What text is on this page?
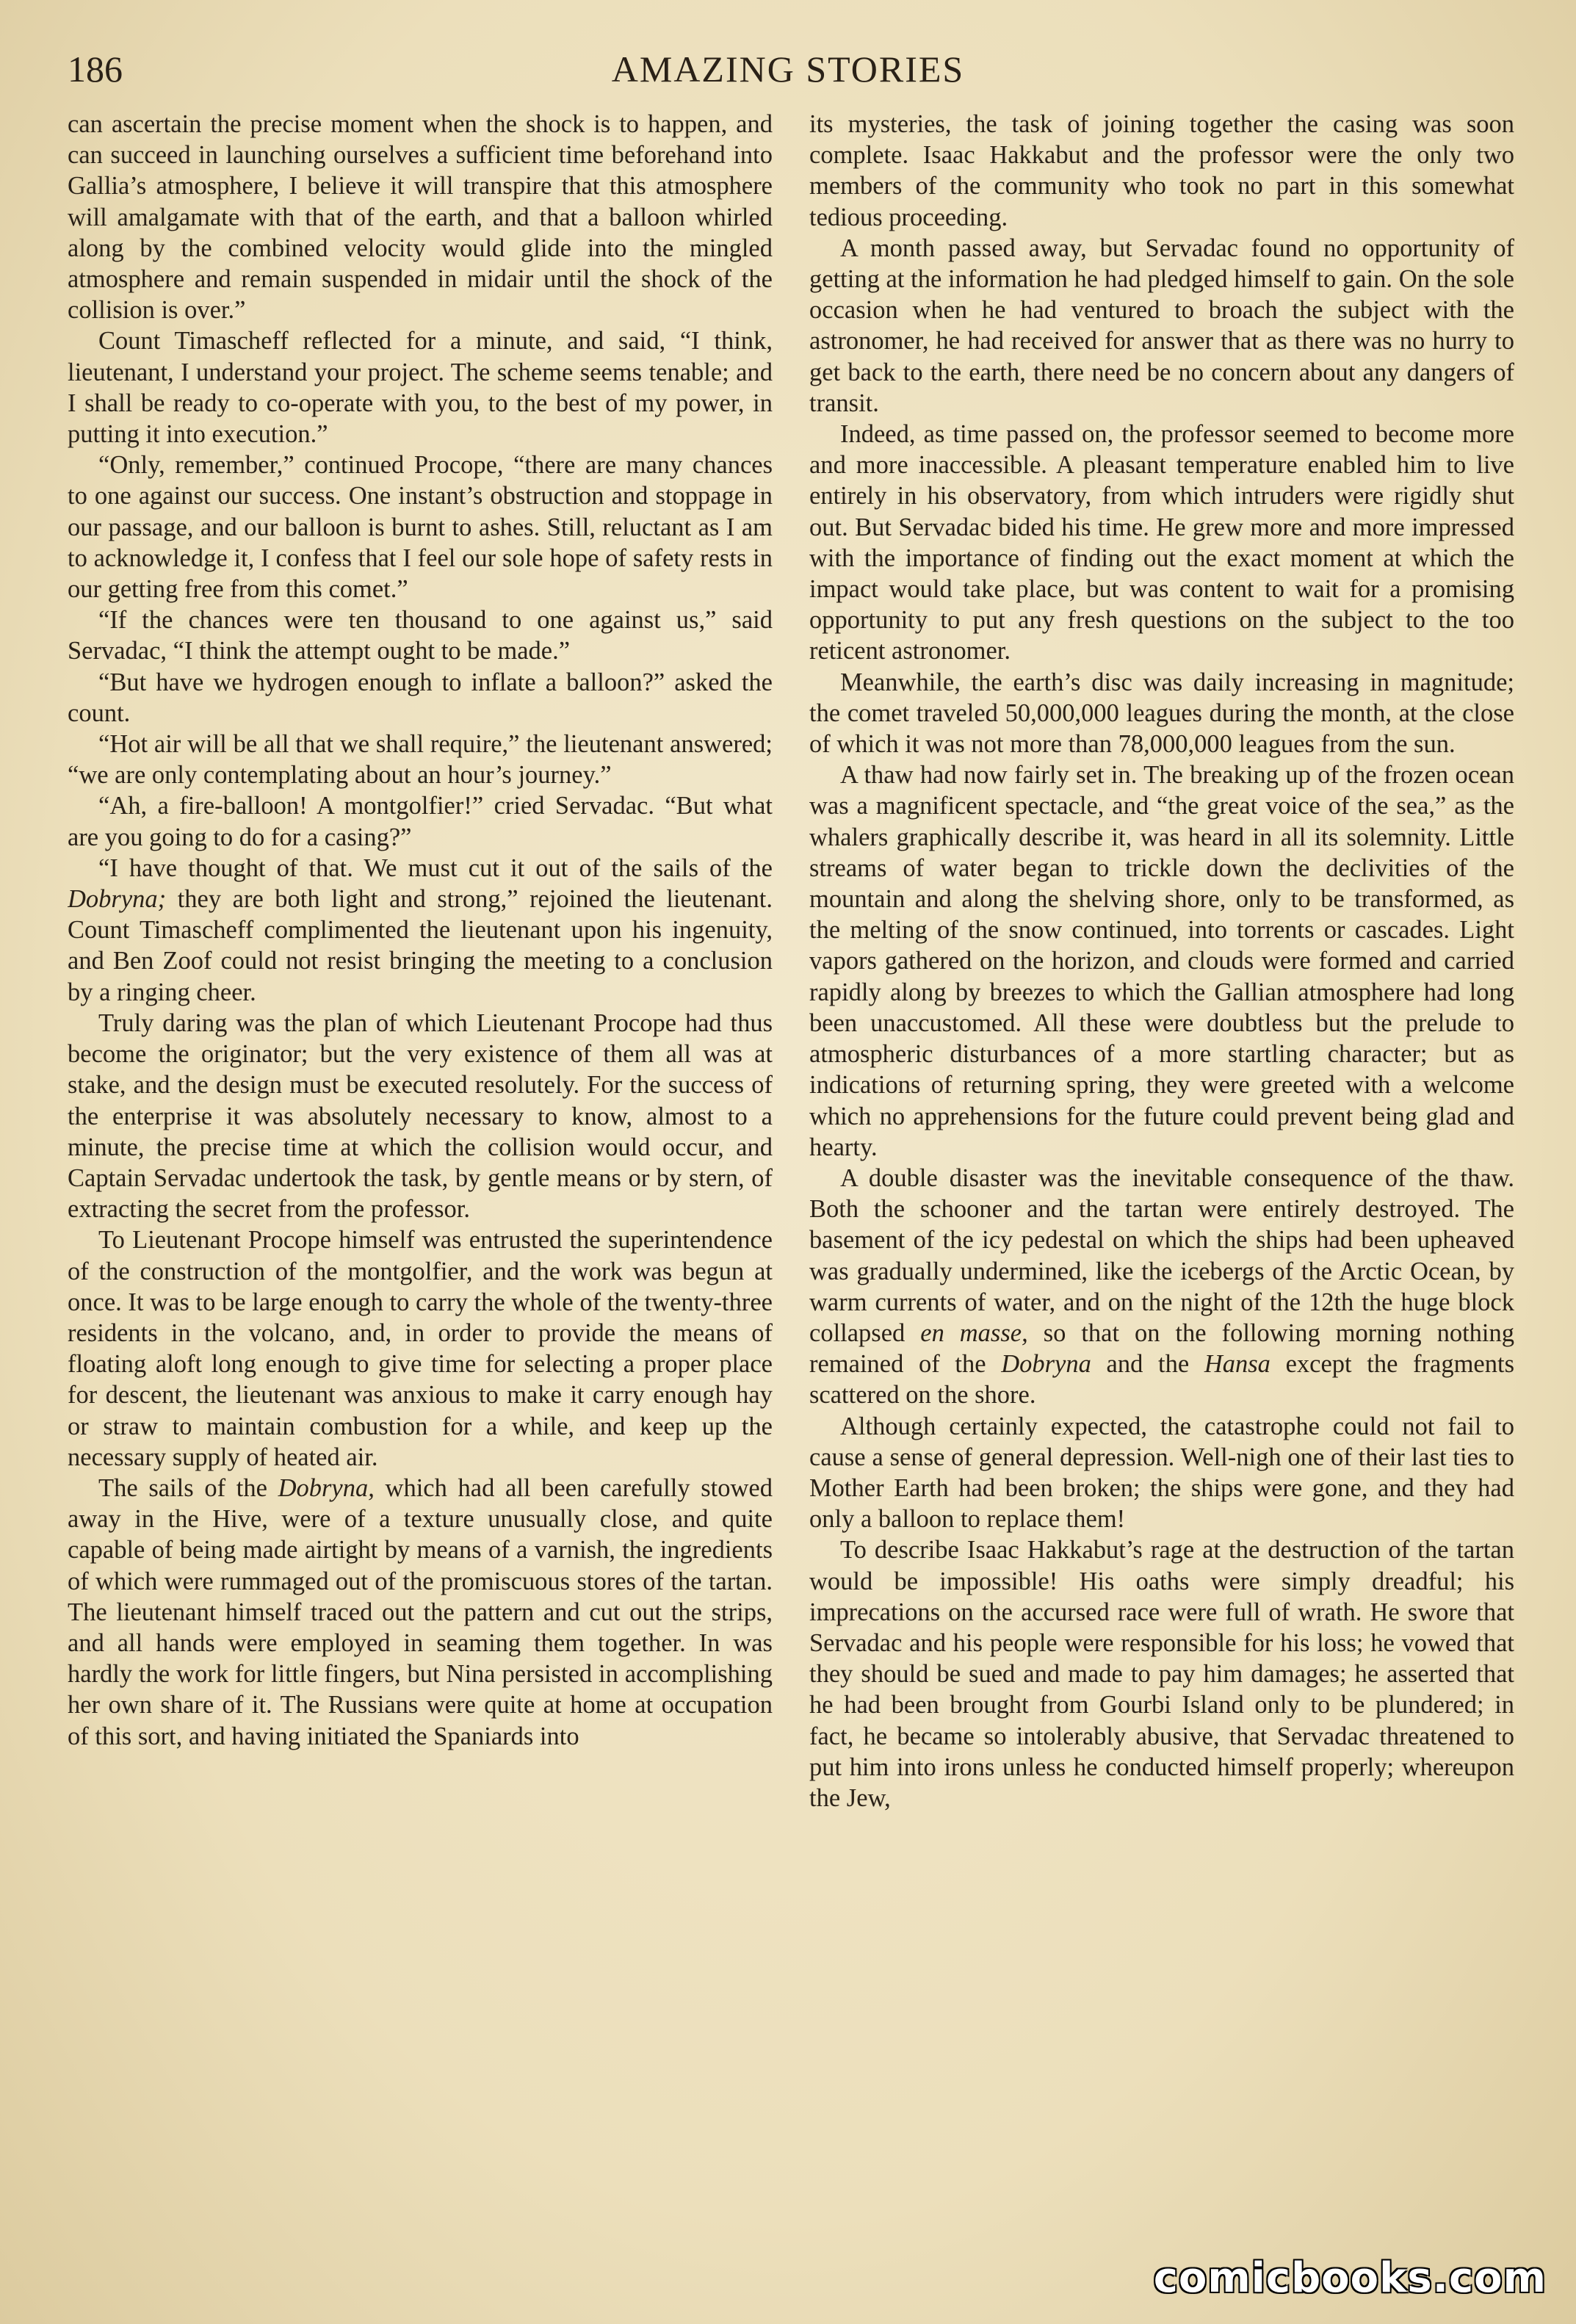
186	AMAZING STORIES

can ascertain the precise moment when the shock is to happen, and can succeed in launching ourselves a sufficient time beforehand into Gallia’s atmosphere, I believe it will transpire that this atmosphere will amalgamate with that of the earth, and that a balloon whirled along by the combined velocity would glide into the mingled atmosphere and remain suspended in midair until the shock of the collision is over.”

Count Timascheff reflected for a minute, and said, “I think, lieutenant, I understand your project. The scheme seems tenable; and I shall be ready to co-operate with you, to the best of my power, in putting it into execution.”

“Only, remember,” continued Procope, “there are many chances to one against our success. One instant’s obstruction and stoppage in our passage, and our balloon is burnt to ashes. Still, reluctant as I am to acknowledge it, I confess that I feel our sole hope of safety rests in our getting free from this comet.”

“If the chances were ten thousand to one against us,” said Servadac, “I think the attempt ought to be made.”

“But have we hydrogen enough to inflate a balloon?” asked the count.

“Hot air will be all that we shall require,” the lieutenant answered; “we are only contemplating about an hour’s journey.”

“Ah, a fire-balloon! A montgolfier!” cried Servadac. “But what are you going to do for a casing?”

“I have thought of that. We must cut it out of the sails of the Dobryna; they are both light and strong,” rejoined the lieutenant. Count Timascheff complimented the lieutenant upon his ingenuity, and Ben Zoof could not resist bringing the meeting to a conclusion by a ringing cheer.

Truly daring was the plan of which Lieutenant Procope had thus become the originator; but the very existence of them all was at stake, and the design must be executed resolutely. For the success of the enterprise it was absolutely necessary to know, almost to a minute, the precise time at which the collision would occur, and Captain Servadac undertook the task, by gentle means or by stern, of extracting the secret from the professor.

To Lieutenant Procope himself was entrusted the superintendence of the construction of the montgolfier, and the work was begun at once. It was to be large enough to carry the whole of the twenty-three residents in the volcano, and, in order to provide the means of floating aloft long enough to give time for selecting a proper place for descent, the lieutenant was anxious to make it carry enough hay or straw to maintain combustion for a while, and keep up the necessary supply of heated air.

The sails of the Dobryna, which had all been carefully stowed away in the Hive, were of a texture unusually close, and quite capable of being made airtight by means of a varnish, the ingredients of which were rummaged out of the promiscuous stores of the tartan. The lieutenant himself traced out the pattern and cut out the strips, and all hands were employed in seaming them together. In was hardly the work for little fingers, but Nina persisted in accomplishing her own share of it. The Russians were quite at home at occupation of this sort, and having initiated the Spaniards into

its mysteries, the task of joining together the casing was soon complete. Isaac Hakkabut and the professor were the only two members of the community who took no part in this somewhat tedious proceeding.

A month passed away, but Servadac found no opportunity of getting at the information he had pledged himself to gain. On the sole occasion when he had ventured to broach the subject with the astronomer, he had received for answer that as there was no hurry to get back to the earth, there need be no concern about any dangers of transit.

Indeed, as time passed on, the professor seemed to become more and more inaccessible. A pleasant temperature enabled him to live entirely in his observatory, from which intruders were rigidly shut out. But Servadac bided his time. He grew more and more impressed with the importance of finding out the exact moment at which the impact would take place, but was content to wait for a promising opportunity to put any fresh questions on the subject to the too reticent astronomer.

Meanwhile, the earth’s disc was daily increasing in magnitude; the comet traveled 50,000,000 leagues during the month, at the close of which it was not more than 78,000,000 leagues from the sun.

A thaw had now fairly set in. The breaking up of the frozen ocean was a magnificent spectacle, and “the great voice of the sea,” as the whalers graphically describe it, was heard in all its solemnity. Little streams of water began to trickle down the declivities of the mountain and along the shelving shore, only to be transformed, as the melting of the snow continued, into torrents or cascades. Light vapors gathered on the horizon, and clouds were formed and carried rapidly along by breezes to which the Gallian atmosphere had long been unaccustomed. All these were doubtless but the prelude to atmospheric disturbances of a more startling character; but as indications of returning spring, they were greeted with a welcome which no apprehensions for the future could prevent being glad and hearty.

A double disaster was the inevitable consequence of the thaw. Both the schooner and the tartan were entirely destroyed. The basement of the icy pedestal on which the ships had been upheaved was gradually undermined, like the icebergs of the Arctic Ocean, by warm currents of water, and on the night of the 12th the huge block collapsed en masse, so that on the following morning nothing remained of the Dobryna and the Hansa except the fragments scattered on the shore.

Although certainly expected, the catastrophe could not fail to cause a sense of general depression. Well-nigh one of their last ties to Mother Earth had been broken; the ships were gone, and they had only a balloon to replace them!

To describe Isaac Hakkabut’s rage at the destruction of the tartan would be impossible! His oaths were simply dreadful; his imprecations on the accursed race were full of wrath. He swore that Servadac and his people were responsible for his loss; he vowed that they should be sued and made to pay him damages; he asserted that he had been brought from Gourbi Island only to be plundered; in fact, he became so intolerably abusive, that Servadac threatened to put him into irons unless he conducted himself properly; whereupon the Jew,

comicbooks.com
